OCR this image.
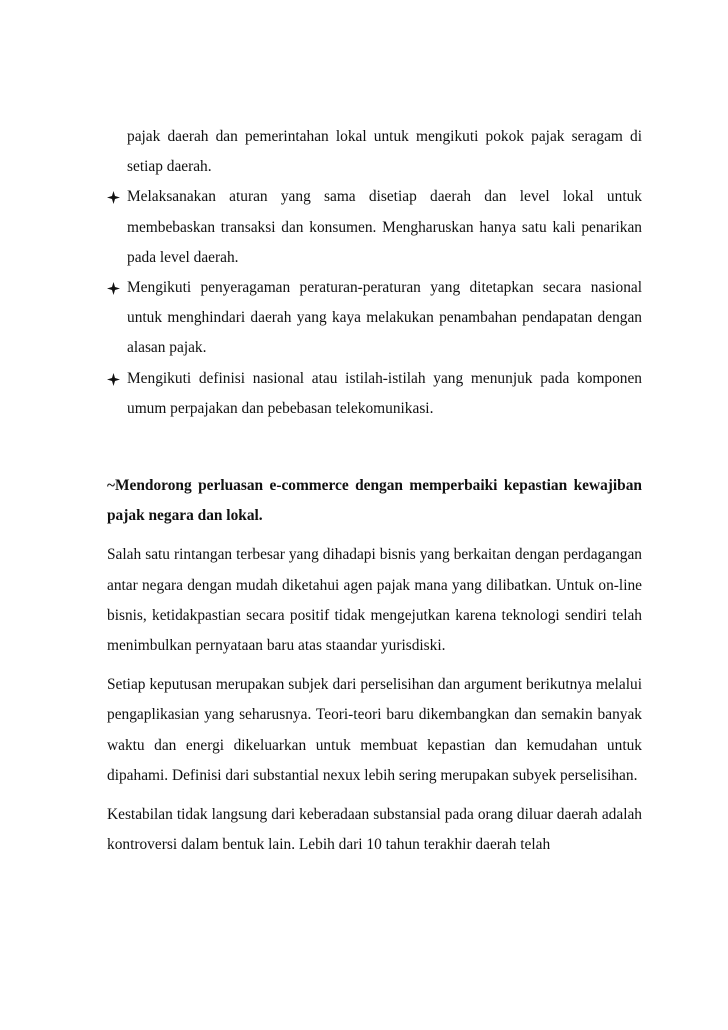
pajak daerah dan pemerintahan lokal untuk mengikuti pokok pajak seragam di setiap daerah.

Melaksanakan aturan yang sama disetiap daerah dan level lokal untuk membebaskan transaksi dan konsumen. Mengharuskan hanya satu kali penarikan pada level daerah.
Mengikuti penyeragaman peraturan-peraturan yang ditetapkan secara nasional untuk menghindari daerah yang kaya melakukan penambahan pendapatan dengan alasan pajak.
Mengikuti definisi nasional atau istilah-istilah yang menunjuk pada komponen umum perpajakan dan pebebasan telekomunikasi.

~Mendorong perluasan e-commerce dengan memperbaiki kepastian kewajiban pajak negara dan lokal.

Salah satu rintangan terbesar yang dihadapi bisnis yang berkaitan dengan perdagangan antar negara dengan mudah diketahui agen pajak mana yang dilibatkan. Untuk on-line bisnis, ketidakpastian secara positif tidak mengejutkan karena teknologi sendiri telah menimbulkan pernyataan baru atas staandar yurisdiski.

Setiap keputusan merupakan subjek dari perselisihan dan argument berikutnya melalui pengaplikasian yang seharusnya. Teori-teori baru dikembangkan dan semakin banyak waktu dan energi dikeluarkan untuk membuat kepastian dan kemudahan untuk dipahami. Definisi dari substantial nexux lebih sering merupakan subyek perselisihan.

Kestabilan tidak langsung dari keberadaan substansial pada orang diluar daerah adalah kontroversi dalam bentuk lain. Lebih dari 10 tahun terakhir daerah telah
